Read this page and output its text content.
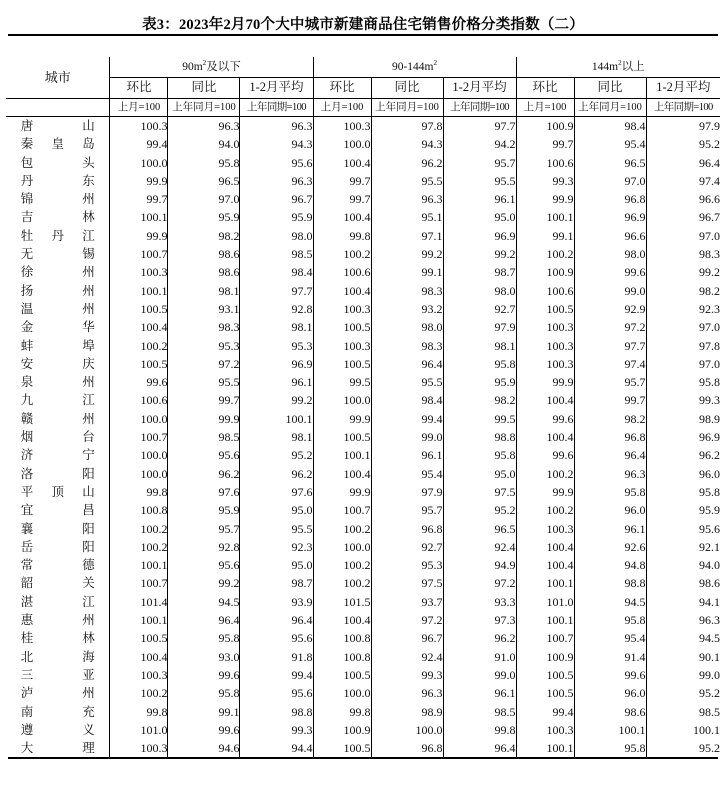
表3：2023年2月70个大中城市新建商品住宅销售价格分类指数（二）
城市	$90m^2$及以下			$90-144m^2$			$144m^2$以上		
	环比	同比	1-2月平均	环比	同比	1-2月平均	环比	同比	1-2月平均
	上月=100	上年同月=100	上年同期=100	上月=100	上年同月=100	上年同期=100	上月=100	上年同月=100	上年同期=100
唐山	100.3	96.3	96.3	100.3	97.8	97.7	100.9	98.4	97.9
秦皇岛	99.4	94.0	94.3	100.0	94.3	94.2	99.7	95.4	95.2
包头	100.0	95.8	95.6	100.4	96.2	95.7	100.6	96.5	96.4
丹东	99.9	96.5	96.3	99.7	95.5	95.5	99.3	97.0	97.4
锦州	99.7	97.0	96.7	99.7	96.3	96.1	99.9	96.8	96.6
吉林	100.1	95.9	95.9	100.4	95.1	95.0	100.1	96.9	96.7
牡丹江	99.9	98.2	98.0	99.8	97.1	96.9	99.1	96.6	97.0
无锡	100.7	98.6	98.5	100.2	99.2	99.2	100.2	98.0	98.3
徐州	100.3	98.6	98.4	100.6	99.1	98.7	100.9	99.6	99.2
扬州	100.1	98.1	97.7	100.4	98.3	98.0	100.6	99.0	98.2
温州	100.5	93.1	92.8	100.3	93.2	92.7	100.5	92.9	92.3
金华	100.4	98.3	98.1	100.5	98.0	97.9	100.3	97.2	97.0
蚌埠	100.2	95.3	95.3	100.3	98.3	98.1	100.3	97.7	97.8
安庆	100.5	97.2	96.9	100.5	96.4	95.8	100.3	97.4	97.0
泉州	99.6	95.5	96.1	99.5	95.5	95.9	99.9	95.7	95.8
九江	100.6	99.7	99.2	100.0	98.4	98.2	100.4	99.7	99.3
赣州	100.0	99.9	100.1	99.9	99.4	99.5	99.6	98.2	98.9
烟台	100.7	98.5	98.1	100.5	99.0	98.8	100.4	96.8	96.9
济宁	100.0	95.6	95.2	100.1	96.1	95.8	99.6	96.4	96.2
洛阳	100.0	96.2	96.2	100.4	95.4	95.0	100.2	96.3	96.0
平顶山	99.8	97.6	97.6	99.9	97.9	97.5	99.9	95.8	95.8
宜昌	100.8	95.9	95.0	100.7	95.7	95.2	100.2	96.0	95.9
襄阳	100.2	95.7	95.5	100.2	96.8	96.5	100.3	96.1	95.6
岳阳	100.2	92.8	92.3	100.0	92.7	92.4	100.4	92.6	92.1
常德	100.1	95.6	95.0	100.2	95.3	94.9	100.4	94.8	94.0
韶关	100.7	99.2	98.7	100.2	97.5	97.2	100.1	98.8	98.6
湛江	101.4	94.5	93.9	101.5	93.7	93.3	101.0	94.5	94.1
惠州	100.1	96.4	96.4	100.4	97.2	97.3	100.1	95.8	96.3
桂林	100.5	95.8	95.6	100.8	96.7	96.2	100.7	95.4	94.5
北海	100.4	93.0	91.8	100.8	92.4	91.0	100.9	91.4	90.1
三亚	100.3	99.6	99.4	100.5	99.3	99.0	100.5	99.6	99.0
泸州	100.2	95.8	95.6	100.0	96.3	96.1	100.5	96.0	95.2
南充	99.8	99.1	98.8	99.8	98.9	98.5	99.4	98.6	98.5
遵义	101.0	99.6	99.3	100.9	100.0	99.8	100.3	100.1	100.1
大理	100.3	94.6	94.4	100.5	96.8	96.4	100.1	95.8	95.2
